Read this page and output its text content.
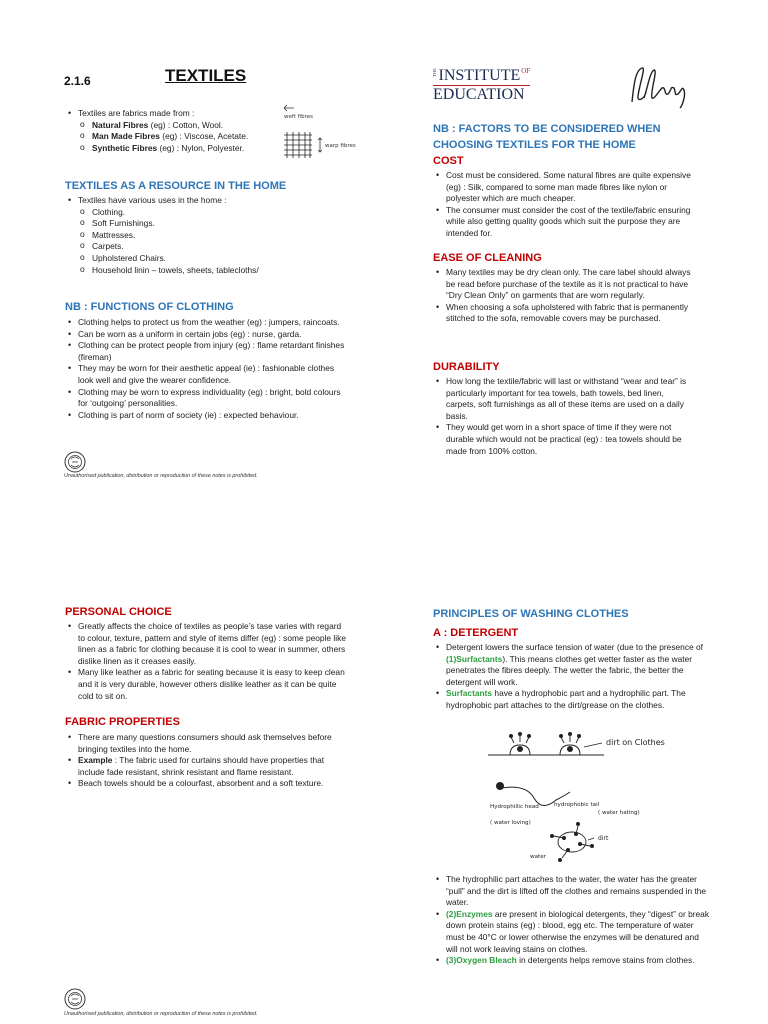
2.1.6	TEXTILES
• Textiles are fabrics made from :
o Natural Fibres (eg) : Cotton, Wool.
o Man Made Fibres (eg) : Viscose, Acetate.
o Synthetic Fibres (eg) : Nylon, Polyester.
weft fibres
warp fibres
TEXTILES AS A RESOURCE IN THE HOME
• Textiles have various uses in the home :
o Clothing.
o Soft Furnishings.
o Mattresses.
o Carpets.
o Upholstered Chairs.
o Household linin – towels, sheets, tablecloths/
NB : FUNCTIONS OF CLOTHING
• Clothing helps to protect us from the weather (eg) : jumpers, raincoats.
• Can be worn as a uniform in certain jobs (eg) : nurse, garda.
• Clothing can be protect people from injury (eg) : flame retardant finishes (fireman)
• They may be worn for their aesthetic appeal (ie) : fashionable clothes look well and give the wearer confidence.
• Clothing may be worn to express individuality (eg) : bright, bold colours for ‘outgoing’ personalities.
• Clothing is part of norm of society (ie) : expected behaviour.
Unauthorised publication, distribution or reproduction of these notes is prohibited.
THE INSTITUTE OF
EDUCATION
NB : FACTORS TO BE CONSIDERED WHEN
CHOOSING TEXTILES FOR THE HOME
COST
• Cost must be considered. Some natural fibres are quite expensive (eg) : Silk, compared to some man made fibres like nylon or polyester which are much cheaper.
• The consumer must consider the cost of the textile/fabric ensuring while also getting quality goods which suit the purpose they are intended for.
EASE OF CLEANING
• Many textiles may be dry clean only. The care label should always be read before purchase of the textile as it is not practical to have “Dry Clean Only” on garments that are worn regularly.
• When choosing a sofa upholstered with fabric that is permanently stitched to the sofa, removable covers may be purchased.
DURABILITY
• How long the textile/fabric will last or withstand “wear and tear” is particularly important for tea towels, bath towels, bed linen, carpets, soft furnishings as all of these items are used on a daily basis.
• They would get worn in a short space of time if they were not durable which would not be practical (eg) : tea towels should be made from 100% cotton.
PERSONAL CHOICE
• Greatly affects the choice of textiles as people’s tase varies with regard to colour, texture, pattern and style of items differ (eg) : some people like linen as a fabric for clothing because it is cool to wear in summer, others dislike linen as it creases easily.
• Many like leather as a fabric for seating because it is easy to keep clean and it is very durable, however others dislike leather as it can be quite cold to sit on.
FABRIC PROPERTIES
• There are many questions consumers should ask themselves before bringing textiles into the home.
• Example : The fabric used for curtains should have properties that include fade resistant, shrink resistant and flame resistant.
• Beach towels should be a colourfast, absorbent and a soft texture.
Unauthorised publication, distribution or reproduction of these notes is prohibited.
PRINCIPLES OF WASHING CLOTHES
A : DETERGENT
• Detergent lowers the surface tension of water (due to the presence of (1)Surfactants). This means clothes get wetter faster as the water penetrates the fibres deeply. The wetter the fabric, the better the detergent will work.
• Surfactants have a hydrophobic part and a hydrophilic part. The hydrophobic part attaches to the dirt/grease on the clothes.
dirt on Clothes
Hydrophillic head
( water loving)
hydrophobic tail
( water hating)
dirt
water
• The hydrophilic part attaches to the water, the water has the greater “pull” and the dirt is lifted off the clothes and remains suspended in the water.
• (2)Enzymes are present in biological detergents, they “digest” or break down protein stains (eg) : blood, egg etc. The temperature of water must be 40°C or lower otherwise the enzymes will be denatured and will not work leaving stains on clothes.
• (3)Oxygen Bleach in detergents helps remove stains from clothes.
